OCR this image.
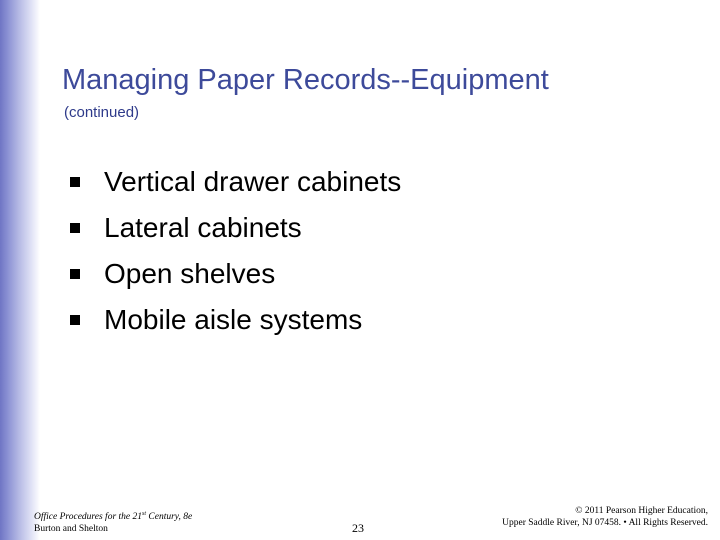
Managing Paper Records--Equipment
(continued)
Vertical drawer cabinets
Lateral cabinets
Open shelves
Mobile aisle systems
Office Procedures for the 21st Century, 8e
Burton and Shelton	23
© 2011 Pearson Higher Education,
Upper Saddle River, NJ 07458. • All Rights Reserved.
